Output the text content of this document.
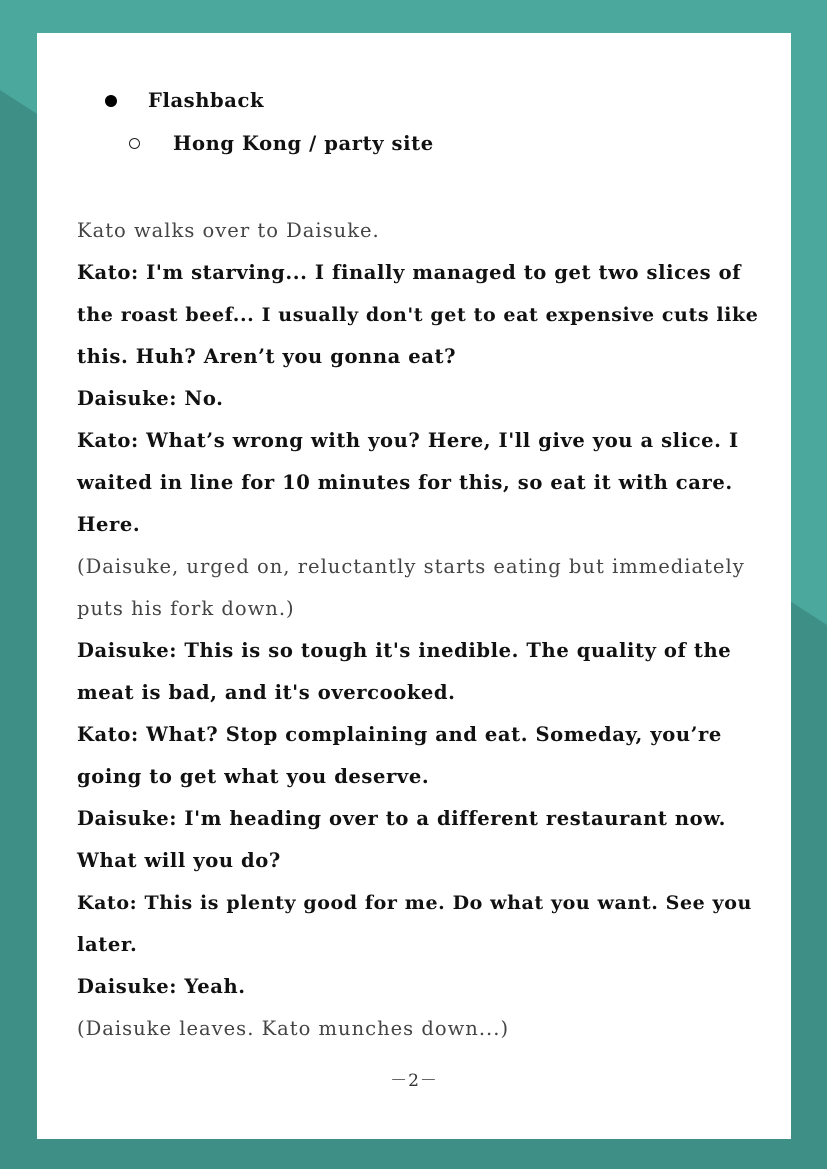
Flashback
Hong Kong / party site
Kato walks over to Daisuke.
Kato: I'm starving... I finally managed to get two slices of
the roast beef... I usually don't get to eat expensive cuts like
this. Huh? Aren’t you gonna eat?
Daisuke: No.
Kato: What’s wrong with you? Here, I'll give you a slice. I
waited in line for 10 minutes for this, so eat it with care.
Here.
(Daisuke, urged on, reluctantly starts eating but immediately
puts his fork down.)
Daisuke: This is so tough it's inedible. The quality of the
meat is bad, and it's overcooked.
Kato: What? Stop complaining and eat. Someday, you’re
going to get what you deserve.
Daisuke: I'm heading over to a different restaurant now.
What will you do?
Kato: This is plenty good for me. Do what you want. See you
later.
Daisuke: Yeah.
(Daisuke leaves. Kato munches down...)
－2－
